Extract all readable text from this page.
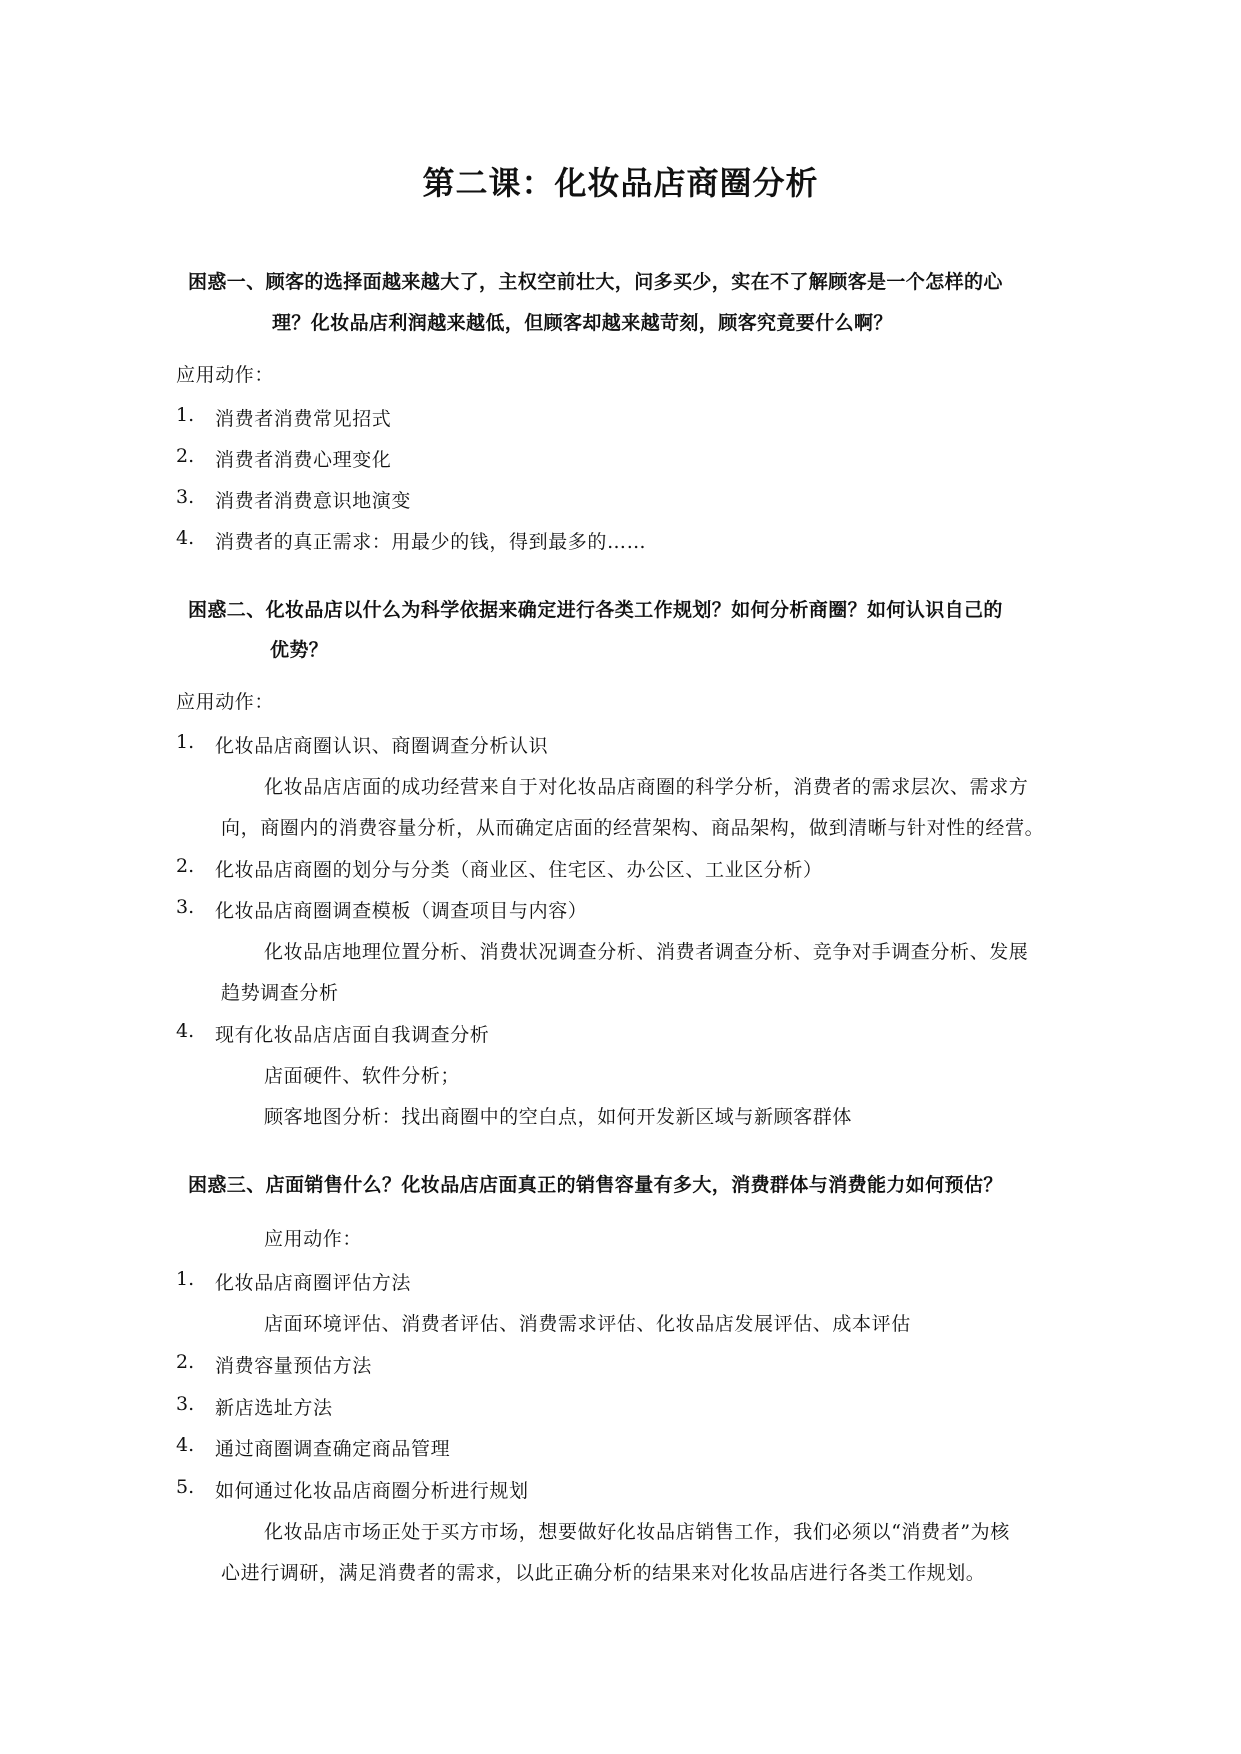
第二课：化妆品店商圈分析
困惑一、顾客的选择面越来越大了，主权空前壮大，问多买少，实在不了解顾客是一个怎样的心
理？化妆品店利润越来越低，但顾客却越来越苛刻，顾客究竟要什么啊？
应用动作：
1. 消费者消费常见招式
2. 消费者消费心理变化
3. 消费者消费意识地演变
4. 消费者的真正需求：用最少的钱，得到最多的……
困惑二、化妆品店以什么为科学依据来确定进行各类工作规划？如何分析商圈？如何认识自己的
优势？
应用动作：
1. 化妆品店商圈认识、商圈调查分析认识
化妆品店店面的成功经营来自于对化妆品店商圈的科学分析，消费者的需求层次、需求方
向，商圈内的消费容量分析，从而确定店面的经营架构、商品架构，做到清晰与针对性的经营。
2. 化妆品店商圈的划分与分类（商业区、住宅区、办公区、工业区分析）
3. 化妆品店商圈调查模板（调查项目与内容）
化妆品店地理位置分析、消费状况调查分析、消费者调查分析、竞争对手调查分析、发展
趋势调查分析
4. 现有化妆品店店面自我调查分析
店面硬件、软件分析；
顾客地图分析：找出商圈中的空白点，如何开发新区域与新顾客群体
困惑三、店面销售什么？化妆品店店面真正的销售容量有多大，消费群体与消费能力如何预估？
应用动作：
1. 化妆品店商圈评估方法
店面环境评估、消费者评估、消费需求评估、化妆品店发展评估、成本评估
2. 消费容量预估方法
3. 新店选址方法
4. 通过商圈调查确定商品管理
5. 如何通过化妆品店商圈分析进行规划
化妆品店市场正处于买方市场，想要做好化妆品店销售工作，我们必须以“消费者”为核
心进行调研，满足消费者的需求，以此正确分析的结果来对化妆品店进行各类工作规划。
